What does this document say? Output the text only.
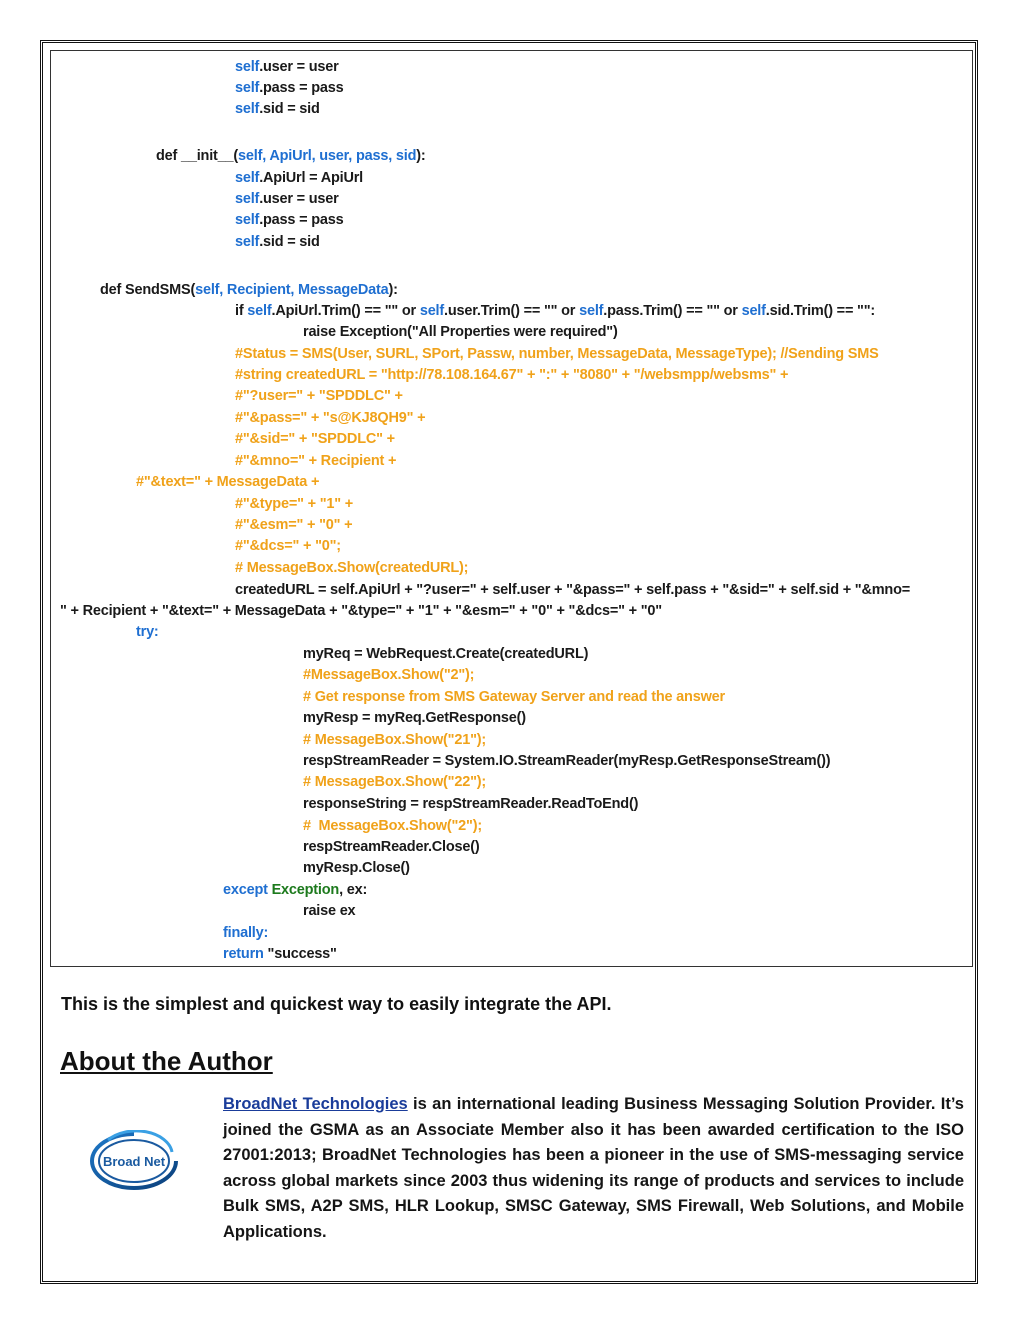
self.user = user
self.pass = pass
self.sid = sid
def __init__(self, ApiUrl, user, pass, sid):
self.ApiUrl = ApiUrl
self.user = user
self.pass = pass
self.sid = sid
def SendSMS(self, Recipient, MessageData):
if self.ApiUrl.Trim() == "" or self.user.Trim() == "" or self.pass.Trim() == "" or self.sid.Trim() == "":
raise Exception("All Properties were required")
#Status = SMS(User, SURL, SPort, Passw, number, MessageData, MessageType); //Sending SMS
#string createdURL = "http://78.108.164.67" + ":" + "8080" + "/websmpp/websms" +
#"?user=" + "SPDDLC" +
#"&pass=" + "s@KJ8QH9" +
#"&sid=" + "SPDDLC" +
#"&mno=" + Recipient +
#"&text=" + MessageData +
#"&type=" + "1" +
#"&esm=" + "0" +
#"&dcs=" + "0";
# MessageBox.Show(createdURL);
createdURL = self.ApiUrl + "?user=" + self.user + "&pass=" + self.pass + "&sid=" + self.sid + "&mno=
" + Recipient + "&text=" + MessageData + "&type=" + "1" + "&esm=" + "0" + "&dcs=" + "0"
try:
myReq = WebRequest.Create(createdURL)
#MessageBox.Show("2");
# Get response from SMS Gateway Server and read the answer
myResp = myReq.GetResponse()
# MessageBox.Show("21");
respStreamReader = System.IO.StreamReader(myResp.GetResponseStream())
# MessageBox.Show("22");
responseString = respStreamReader.ReadToEnd()
#  MessageBox.Show("2");
respStreamReader.Close()
myResp.Close()
except Exception, ex:
raise ex
finally:
return "success"
This is the simplest and quickest way to easily integrate the API.
About the Author
Broad Net
BroadNet Technologies is an international leading Business Messaging Solution Provider. It’s joined the GSMA as an Associate Member also it has been awarded certification to the ISO 27001:2013; BroadNet Technologies has been a pioneer in the use of SMS-messaging service across global markets since 2003 thus widening its range of products and services to include Bulk SMS, A2P SMS, HLR Lookup, SMSC Gateway, SMS Firewall, Web Solutions, and Mobile Applications.
